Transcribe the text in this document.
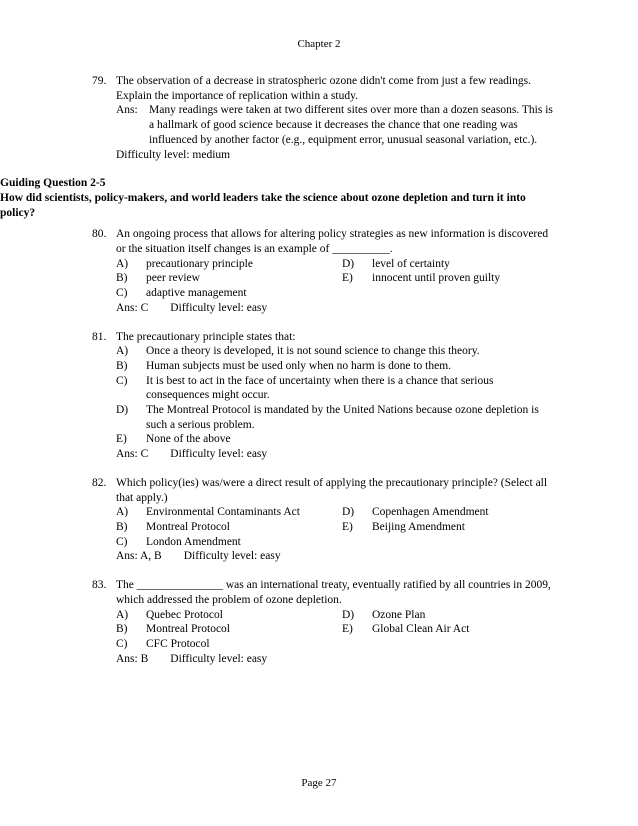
Chapter 2
79. The observation of a decrease in stratospheric ozone didn't come from just a few readings. Explain the importance of replication within a study.
Ans: Many readings were taken at two different sites over more than a dozen seasons. This is a hallmark of good science because it decreases the chance that one reading was influenced by another factor (e.g., equipment error, unusual seasonal variation, etc.).
Difficulty level: medium
Guiding Question 2-5
How did scientists, policy-makers, and world leaders take the science about ozone depletion and turn it into policy?
80. An ongoing process that allows for altering policy strategies as new information is discovered or the situation itself changes is an example of __________.
A)	precautionary principle	D)	level of certainty
B)	peer review	E)	innocent until proven guilty
C)	adaptive management
Ans: C Difficulty level: easy
81. The precautionary principle states that:
A)	Once a theory is developed, it is not sound science to change this theory.
B)	Human subjects must be used only when no harm is done to them.
C)	It is best to act in the face of uncertainty when there is a chance that serious consequences might occur.
D)	The Montreal Protocol is mandated by the United Nations because ozone depletion is such a serious problem.
E)	None of the above
Ans: C Difficulty level: easy
82. Which policy(ies) was/were a direct result of applying the precautionary principle? (Select all that apply.)
A)	Environmental Contaminants Act	D)	Copenhagen Amendment
B)	Montreal Protocol	E)	Beijing Amendment
C)	London Amendment
Ans: A, B Difficulty level: easy
83. The _______________ was an international treaty, eventually ratified by all countries in 2009, which addressed the problem of ozone depletion.
A)	Quebec Protocol	D)	Ozone Plan
B)	Montreal Protocol	E)	Global Clean Air Act
C)	CFC Protocol
Ans: B Difficulty level: easy
Page 27
